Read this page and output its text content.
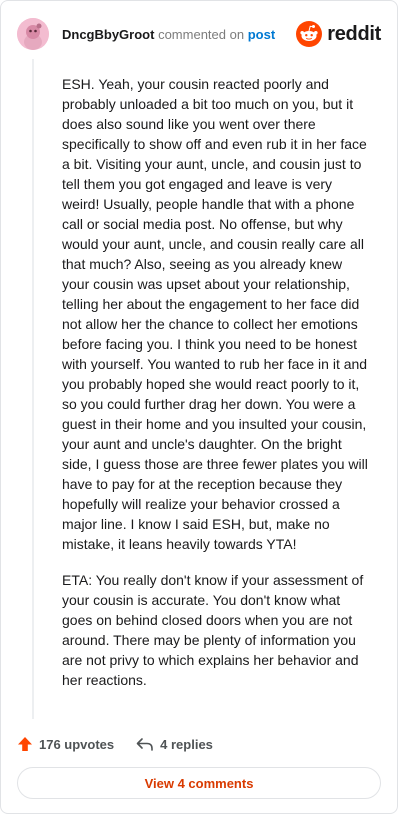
DncgBbyGroot commented on post	reddit

ESH. Yeah, your cousin reacted poorly and probably unloaded a bit too much on you, but it does also sound like you went over there specifically to show off and even rub it in her face a bit. Visiting your aunt, uncle, and cousin just to tell them you got engaged and leave is very weird! Usually, people handle that with a phone call or social media post. No offense, but why would your aunt, uncle, and cousin really care all that much? Also, seeing as you already knew your cousin was upset about your relationship, telling her about the engagement to her face did not allow her the chance to collect her emotions before facing you. I think you need to be honest with yourself. You wanted to rub her face in it and you probably hoped she would react poorly to it, so you could further drag her down. You were a guest in their home and you insulted your cousin, your aunt and uncle's daughter. On the bright side, I guess those are three fewer plates you will have to pay for at the reception because they hopefully will realize your behavior crossed a major line. I know I said ESH, but, make no mistake, it leans heavily towards YTA!

ETA: You really don't know if your assessment of your cousin is accurate. You don't know what goes on behind closed doors when you are not around. There may be plenty of information you are not privy to which explains her behavior and her reactions.

176 upvotes	4 replies
View 4 comments
